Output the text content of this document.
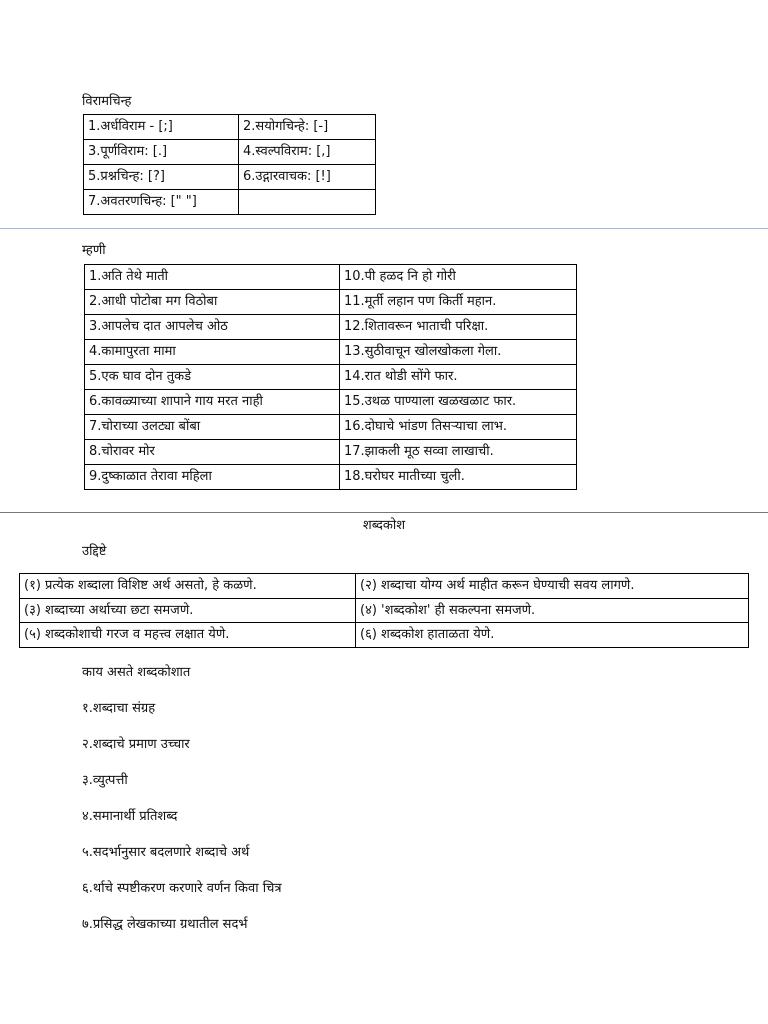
विरामचिन्ह
1.अर्धविराम - [;]	2.सयोगचिन्हे: [-]
3.पूर्णविराम: [.]	4.स्वल्पविराम: [,]
5.प्रश्नचिन्ह: [?]	6.उद्गारवाचक: [!]
7.अवतरणचिन्ह: [" "]	
म्हणी
1.अति तेथे माती	10.पी हळद नि हो गोरी
2.आधी पोटोबा मग विठोबा	11.मूर्ती लहान पण किर्ती महान.
3.आपलेच दात आपलेच ओठ	12.शितावरून भाताची परिक्षा.
4.कामापुरता मामा	13.सुठीवाचून खोलखोकला गेला.
5.एक घाव दोन तुकडे	14.रात थोडी सोंगे फार.
6.कावळ्याच्या शापाने गाय मरत नाही	15.उथळ पाण्याला खळखळाट फार.
7.चोराच्या उलट्या बोंबा	16.दोघाचे भांडण तिसऱ्याचा लाभ.
8.चोरावर मोर	17.झाकली मूठ सव्वा लाखाची.
9.दुष्काळात तेरावा महिला	18.घरोघर मातीच्या चुली.
शब्दकोश
उद्दिष्टे
(१) प्रत्येक शब्दाला विशिष्ट अर्थ असतो, हे कळणे.	(२) शब्दाचा योग्य अर्थ माहीत करून घेण्याची सवय लागणे.
(३) शब्दाच्या अर्थाच्या छटा समजणे.	(४) 'शब्दकोश' ही सकल्पना समजणे.
(५) शब्दकोशाची गरज व महत्त्व लक्षात येणे.	(६) शब्दकोश हाताळता येणे.
काय असते शब्दकोशात
१.शब्दाचा संग्रह
२.शब्दाचे प्रमाण उच्चार
३.व्युत्पत्ती
४.समानार्थी प्रतिशब्द
५.सदर्भानुसार बदलणारे शब्दाचे अर्थ
६.र्थाचे स्पष्टीकरण करणारे वर्णन किवा चित्र
७.प्रसिद्ध लेखकाच्या ग्रथातील सदर्भ
